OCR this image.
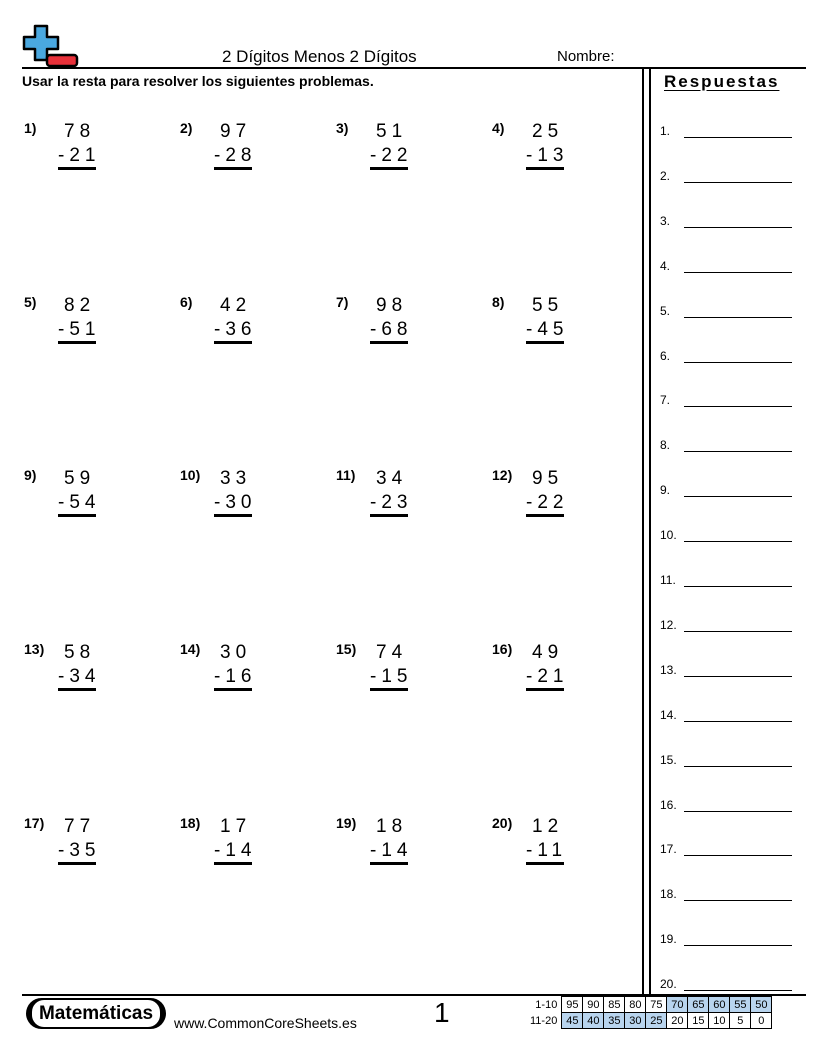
2 Dígitos Menos 2 Dígitos	Nombre:
Usar la resta para resolver los siguientes problemas.
1) 78
-21
2) 97
-28
3) 51
-22
4) 25
-13
5) 82
-51
6) 42
-36
7) 98
-68
8) 55
-45
9) 59
-54
10) 33
-30
11) 34
-23
12) 95
-22
13) 58
-34
14) 30
-16
15) 74
-15
16) 49
-21
17) 77
-35
18) 17
-14
19) 18
-14
20) 12
-11
Respuestas
1.
2.
3.
4.
5.
6.
7.
8.
9.
10.
11.
12.
13.
14.
15.
16.
17.
18.
19.
20.
Matemáticas	www.CommonCoreSheets.es	1	1-10	95	90	85	80	75	70	65	60	55	50
11-20	45	40	35	30	25	20	15	10	5	0
